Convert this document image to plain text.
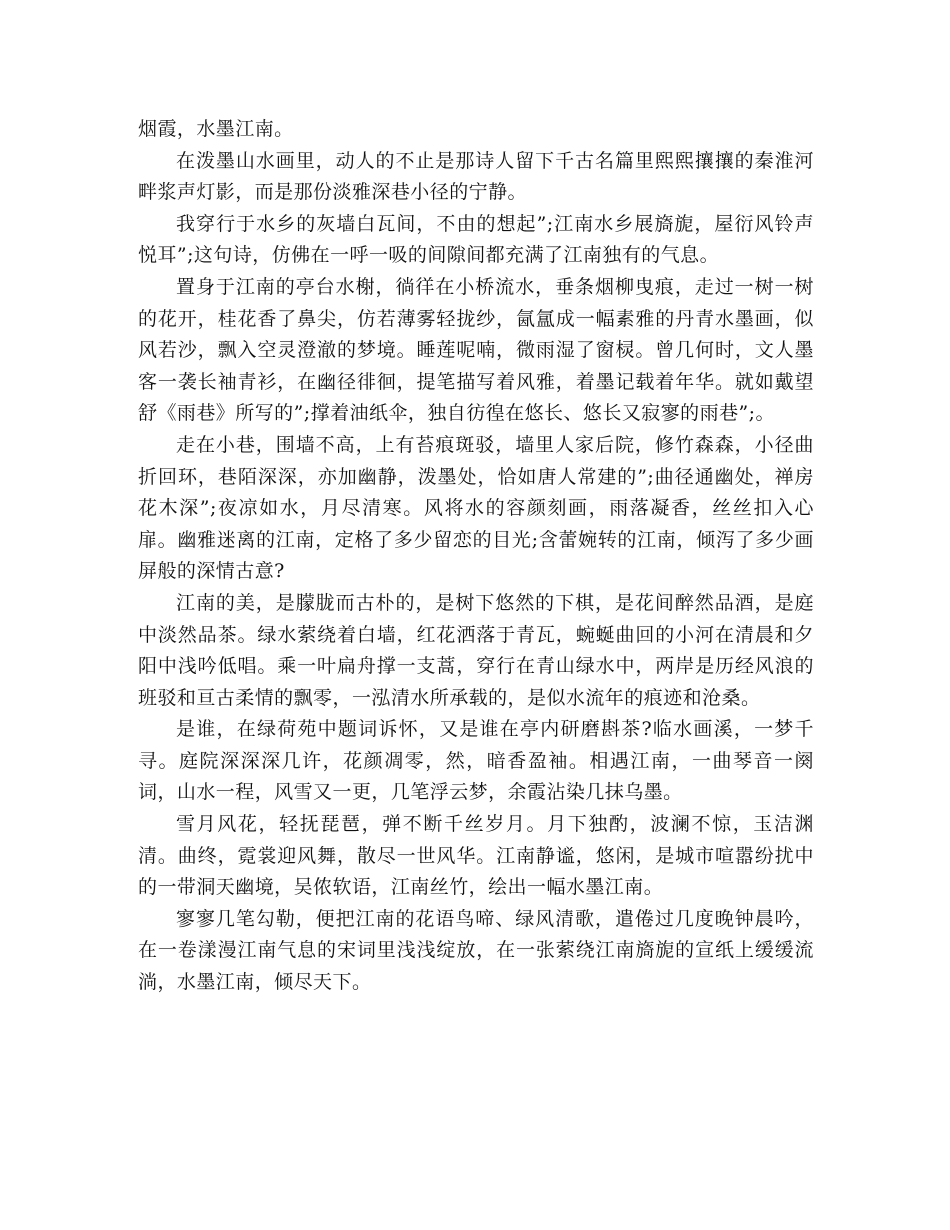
烟霞，水墨江南。

在泼墨山水画里，动人的不止是那诗人留下千古名篇里熙熙攘攘的秦淮河畔浆声灯影，而是那份淡雅深巷小径的宁静。

我穿行于水乡的灰墙白瓦间，不由的想起”;江南水乡展旖旎，屋衍风铃声悦耳”;这句诗，仿佛在一呼一吸的间隙间都充满了江南独有的气息。

置身于江南的亭台水榭，徜徉在小桥流水，垂条烟柳曳痕，走过一树一树的花开，桂花香了鼻尖，仿若薄雾轻拢纱，氤氲成一幅素雅的丹青水墨画，似风若沙，飘入空灵澄澈的梦境。睡莲呢喃，微雨湿了窗棂。曾几何时，文人墨客一袭长袖青衫，在幽径徘徊，提笔描写着风雅，着墨记载着年华。就如戴望舒《雨巷》所写的”;撑着油纸伞，独自彷徨在悠长、悠长又寂寥的雨巷”;。

走在小巷，围墙不高，上有苔痕斑驳，墙里人家后院，修竹森森，小径曲折回环，巷陌深深，亦加幽静，泼墨处，恰如唐人常建的”;曲径通幽处，禅房花木深”;夜凉如水，月尽清寒。风将水的容颜刻画，雨落凝香，丝丝扣入心扉。幽雅迷离的江南，定格了多少留恋的目光;含蕾婉转的江南，倾泻了多少画屏般的深情古意?

江南的美，是朦胧而古朴的，是树下悠然的下棋，是花间醉然品酒，是庭中淡然品茶。绿水萦绕着白墙，红花洒落于青瓦，蜿蜒曲回的小河在清晨和夕阳中浅吟低唱。乘一叶扁舟撑一支蒿，穿行在青山绿水中，两岸是历经风浪的班驳和亘古柔情的飘零，一泓清水所承载的，是似水流年的痕迹和沧桑。

是谁，在绿荷苑中题词诉怀，又是谁在亭内研磨斟茶?临水画溪，一梦千寻。庭院深深深几许，花颜凋零，然，暗香盈袖。相遇江南，一曲琴音一阕词，山水一程，风雪又一更，几笔浮云梦，余霞沾染几抹乌墨。

雪月风花，轻抚琵琶，弹不断千丝岁月。月下独酌，波澜不惊，玉洁渊清。曲终，霓裳迎风舞，散尽一世风华。江南静谧，悠闲，是城市喧嚣纷扰中的一带洞天幽境，吴侬软语，江南丝竹，绘出一幅水墨江南。

寥寥几笔勾勒，便把江南的花语鸟啼、绿风清歌，遣倦过几度晚钟晨吟，在一卷漾漫江南气息的宋词里浅浅绽放，在一张萦绕江南旖旎的宣纸上缓缓流淌，水墨江南，倾尽天下。
